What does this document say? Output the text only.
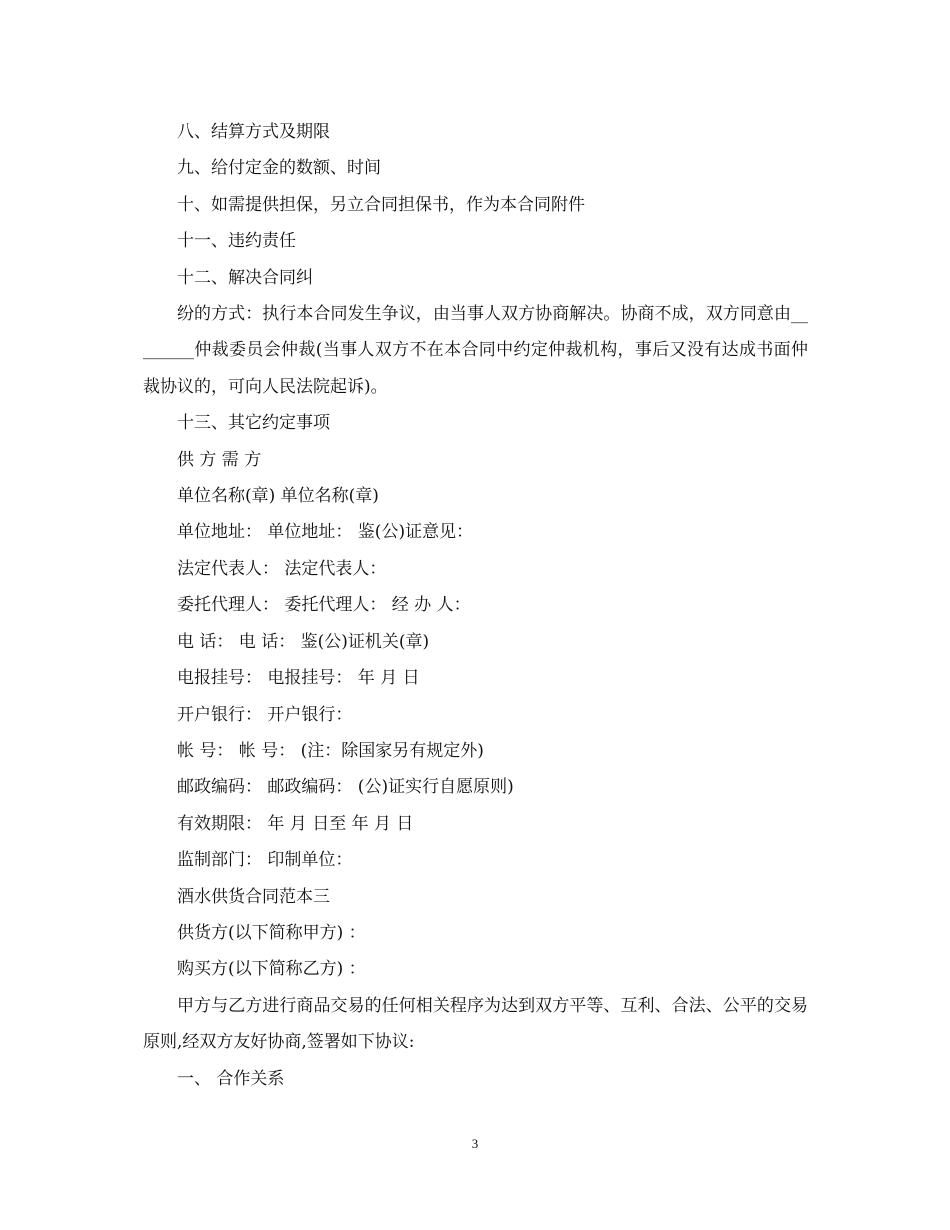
八、结算方式及期限

九、给付定金的数额、时间

十、如需提供担保，另立合同担保书，作为本合同附件

十一、违约责任

十二、解决合同纠

纷的方式：执行本合同发生争议，由当事人双方协商解决。协商不成，双方同意由________仲裁委员会仲裁(当事人双方不在本合同中约定仲裁机构，事后又没有达成书面仲裁协议的，可向人民法院起诉)。

十三、其它约定事项

供 方 需 方

单位名称(章) 单位名称(章)

单位地址： 单位地址： 鉴(公)证意见：

法定代表人： 法定代表人：

委托代理人： 委托代理人： 经 办 人：

电 话： 电 话： 鉴(公)证机关(章)

电报挂号： 电报挂号： 年 月 日

开户银行： 开户银行：

帐 号： 帐 号： (注：除国家另有规定外)

邮政编码： 邮政编码： (公)证实行自愿原则)

有效期限： 年 月 日至 年 月 日

监制部门： 印制单位：

酒水供货合同范本三

供货方(以下简称甲方) ：

购买方(以下简称乙方) ：

甲方与乙方进行商品交易的任何相关程序为达到双方平等、互利、合法、公平的交易原则,经双方友好协商,签署如下协议:

一、 合作关系

3
